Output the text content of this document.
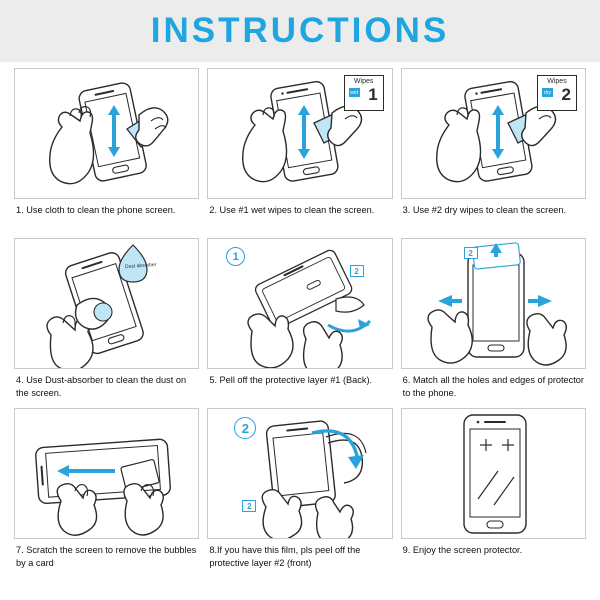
INSTRUCTIONS
1. Use cloth to clean the phone screen.
Wipes
wet 1
2. Use #1 wet wipes to clean the screen.
Wipes
dry 2
3. Use #2 dry wipes to clean the screen.
Dust absorber
4. Use Dust-absorber to clean the dust on the screen.
1
2
5. Pell off the protective layer #1 (Back).
2
6. Match all the holes and edges of protector to the phone.
7. Scratch the screen to remove the bubbles by a card
2
2
8.If you have this film, pls peel off the protective layer #2 (front)
9. Enjoy the screen protector.
